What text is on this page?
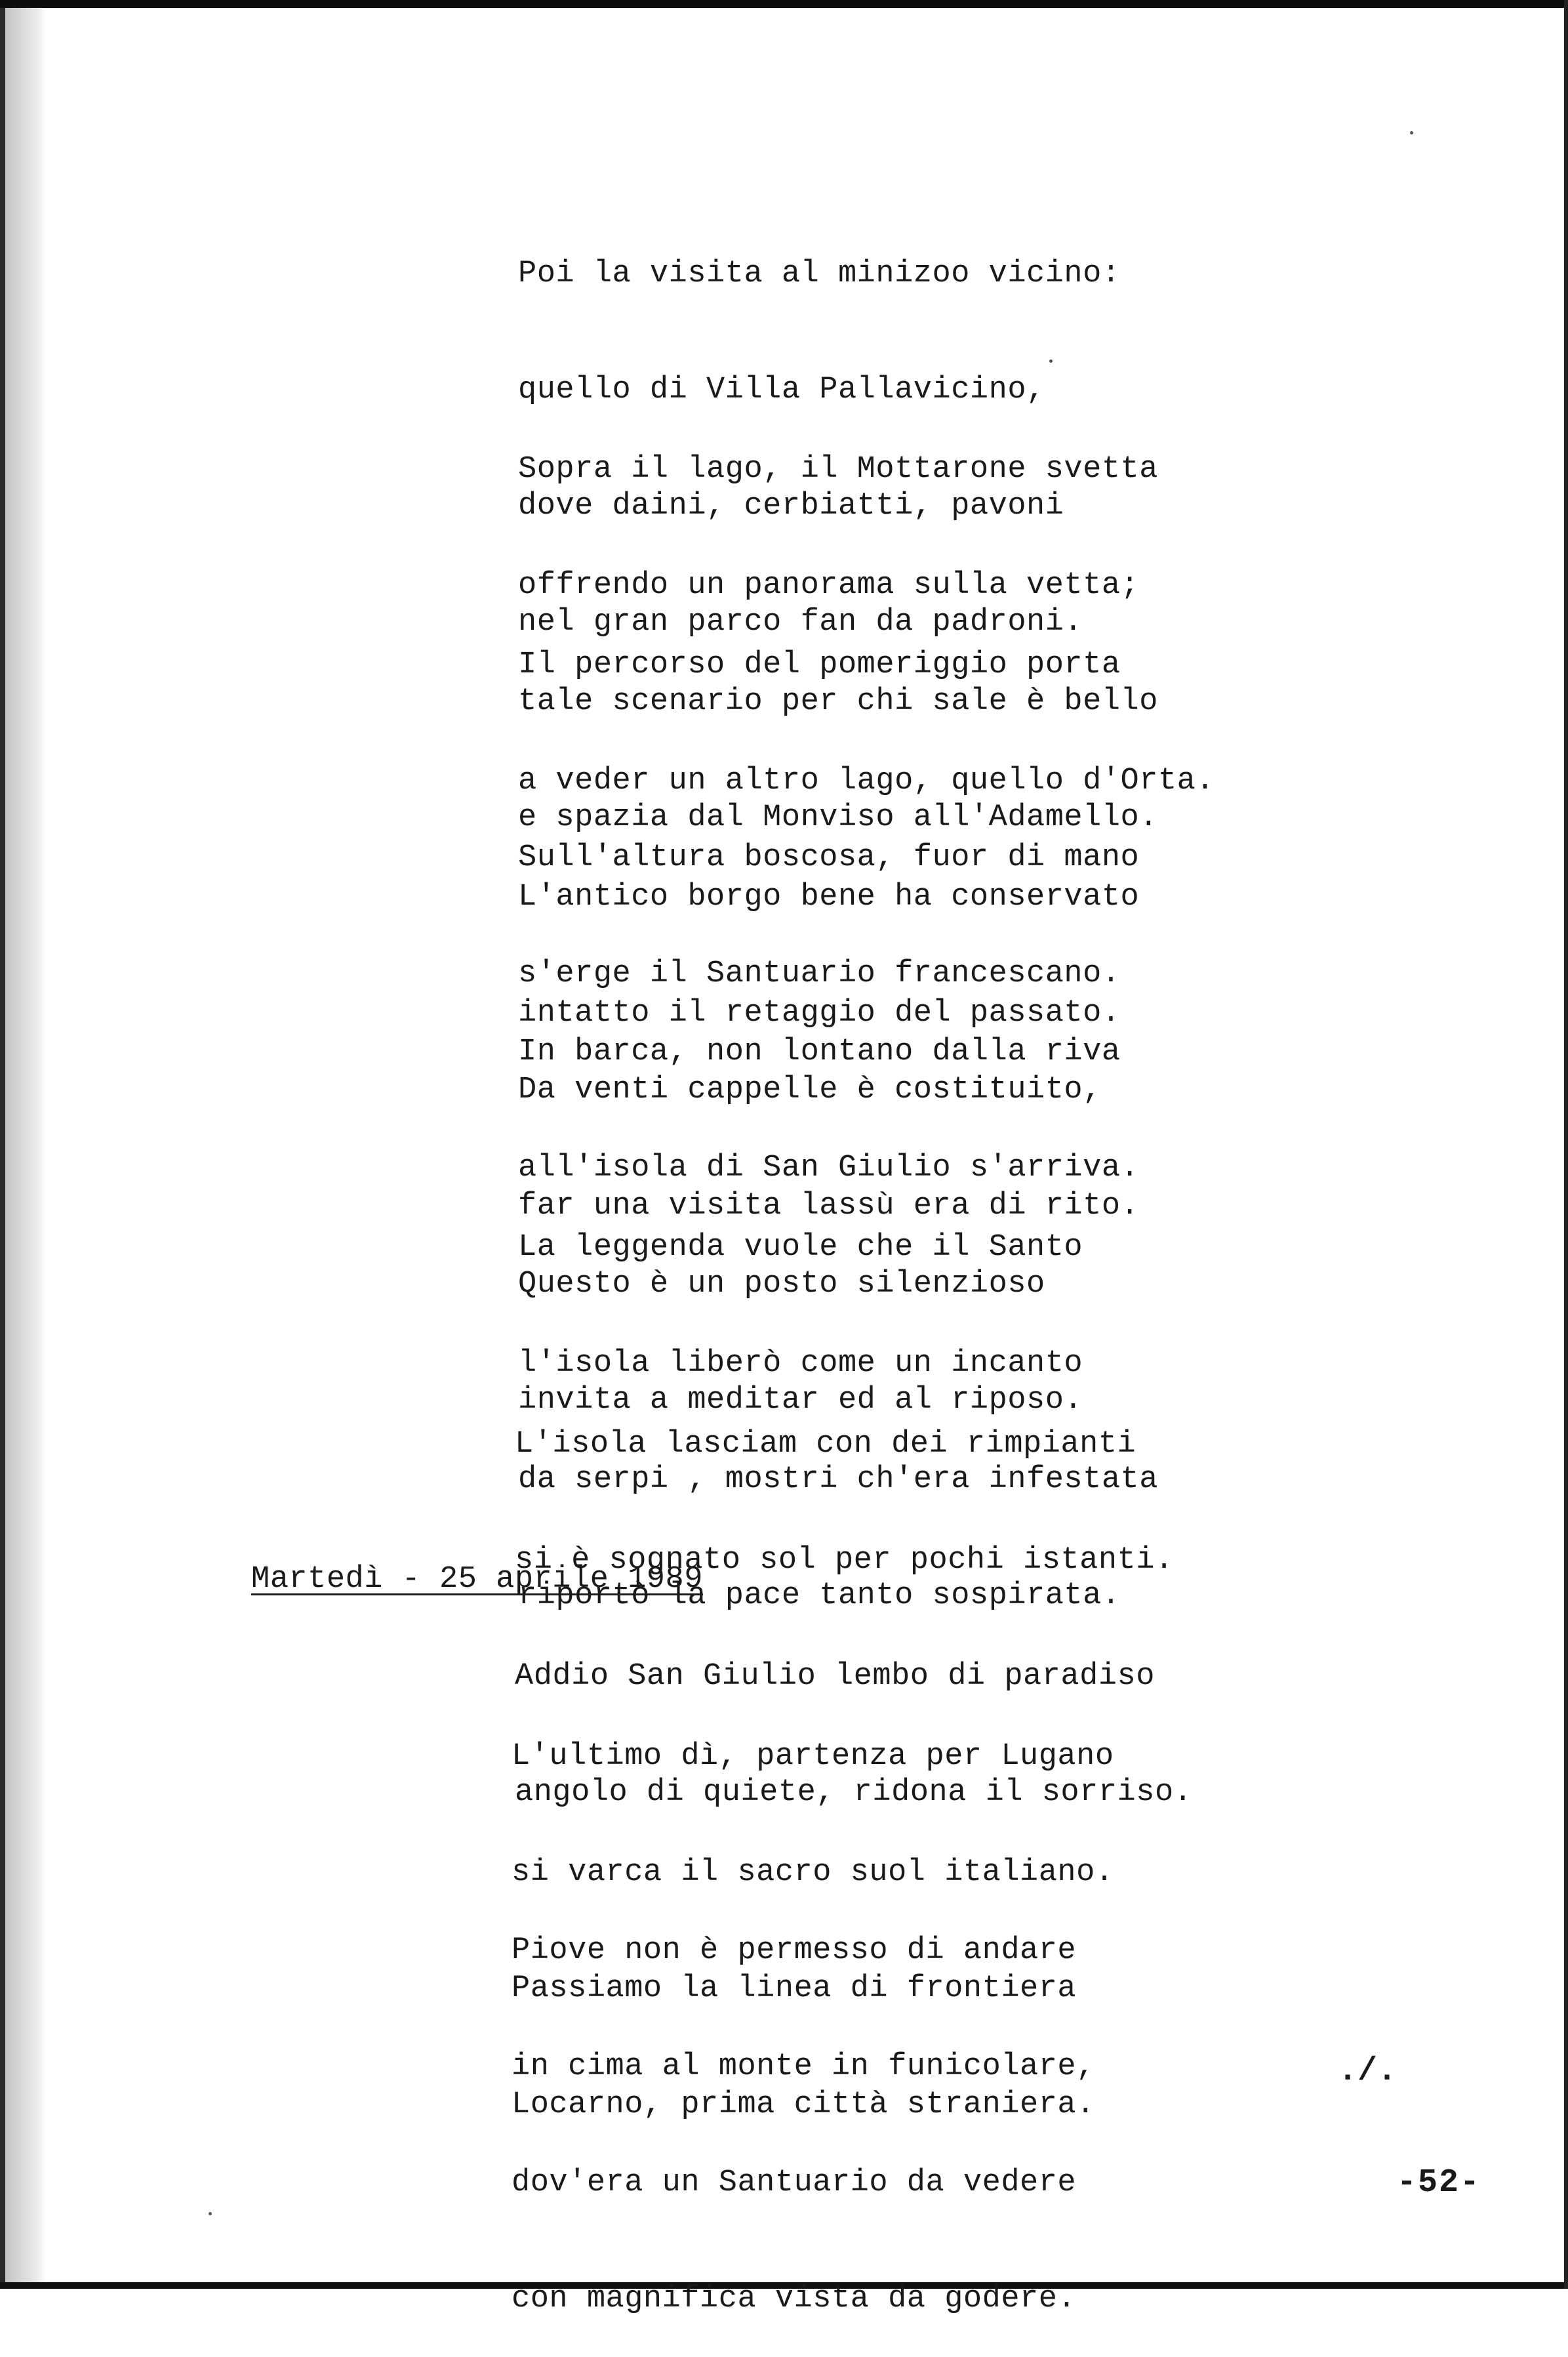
Poi la visita al minizoo vicino:

quello di Villa Pallavicino,

dove daini, cerbiatti, pavoni

nel gran parco fan da padroni.

Sopra il lago, il Mottarone svetta

offrendo un panorama sulla vetta;

tale scenario per chi sale è bello

e spazia dal Monviso all'Adamello.

Il percorso del pomeriggio porta

a veder un altro lago, quello d'Orta.

L'antico borgo bene ha conservato

intatto il retaggio del passato.

Sull'altura boscosa, fuor di mano

s'erge il Santuario francescano.

Da venti cappelle è costituito,

far una visita lassù era di rito.

In barca, non lontano dalla riva

all'isola di San Giulio s'arriva.

Questo è un posto silenzioso

invita a meditar ed al riposo.

La leggenda vuole che il Santo

l'isola liberò come un incanto

da serpi , mostri ch'era infestata

riportò la pace tanto sospirata.

L'isola lasciam con dei rimpianti

si è sognato sol per pochi istanti.

Addio San Giulio lembo di paradiso

angolo di quiete, ridona il sorriso.

Martedì - 25 aprile 1989

L'ultimo dì, partenza per Lugano

si varca il sacro suol italiano.

Passiamo la linea di frontiera

Locarno, prima città straniera.

Piove non è permesso di andare

in cima al monte in funicolare,

dov'era un Santuario da vedere

con magnifica vista da godere.

./.
-52-
